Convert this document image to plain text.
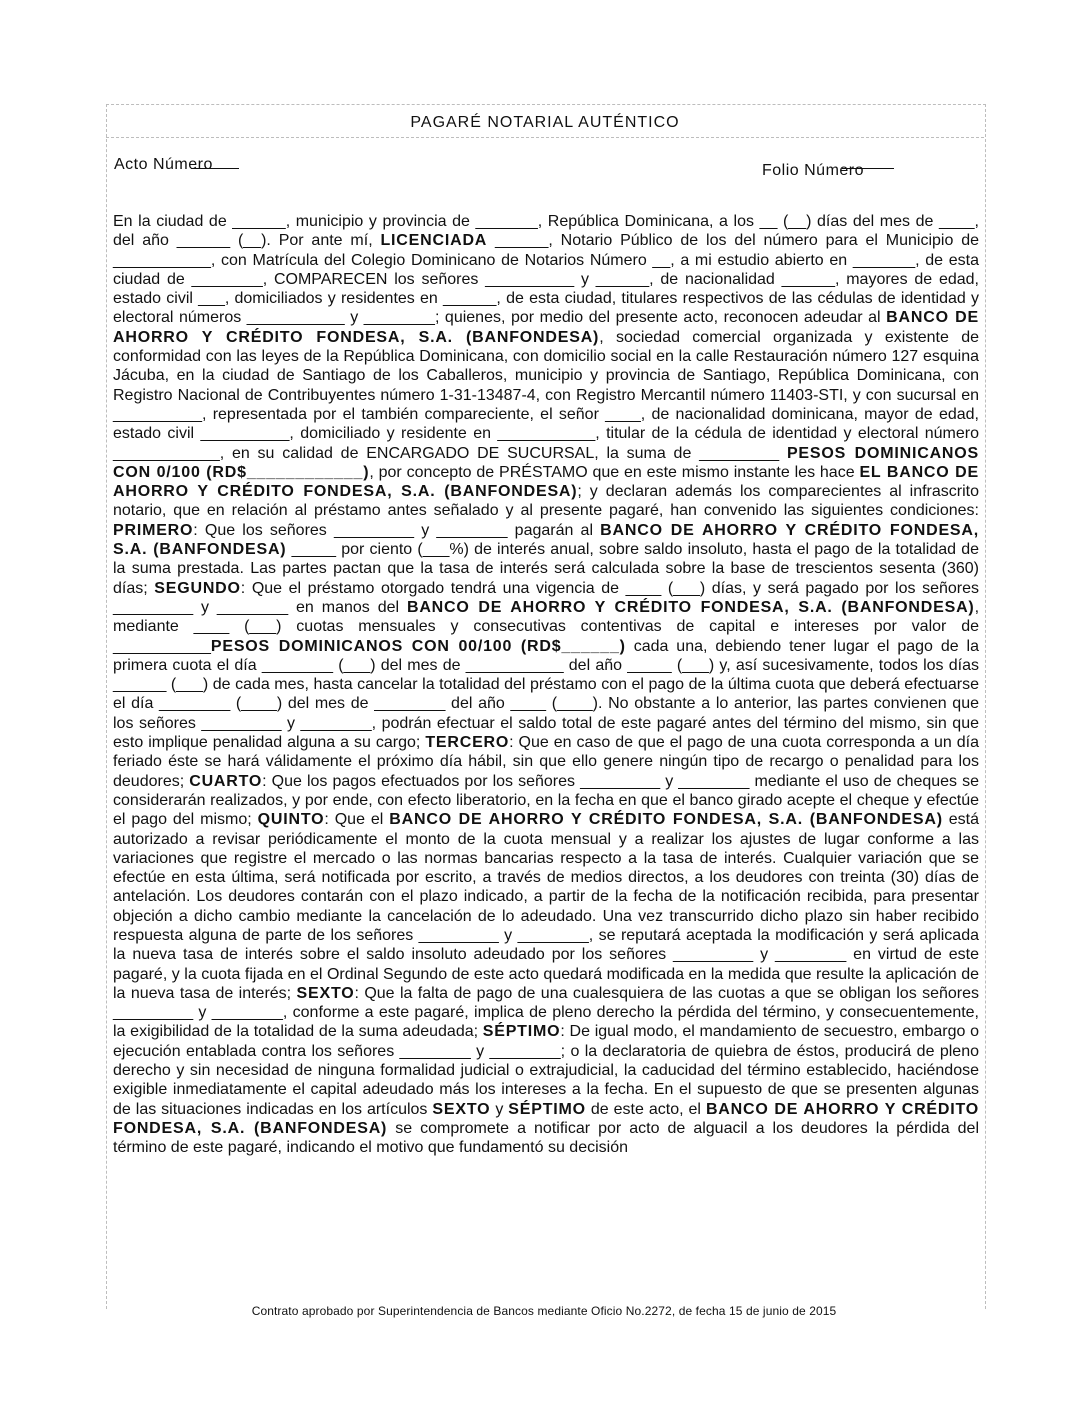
PAGARÉ NOTARIAL AUTÉNTICO
Acto Número	Folio Número
En la ciudad de ______, municipio y provincia de _______, República Dominicana, a los __ (__) días del mes de ____, del año ______ (__). Por ante mí, LICENCIADA ______, Notario Público de los del número para el Municipio de ___________, con Matrícula del Colegio Dominicano de Notarios Número __, a mi estudio abierto en _______, de esta ciudad de ________, COMPARECEN los señores __________ y ______, de nacionalidad ______, mayores de edad, estado civil ___, domiciliados y residentes en ______, de esta ciudad, titulares respectivos de las cédulas de identidad y electoral números ___________ y ________; quienes, por medio del presente acto, reconocen adeudar al BANCO DE AHORRO Y CRÉDITO FONDESA, S.A. (BANFONDESA), sociedad comercial organizada y existente de conformidad con las leyes de la República Dominicana, con domicilio social en la calle Restauración número 127 esquina Jácuba, en la ciudad de Santiago de los Caballeros, municipio y provincia de Santiago, República Dominicana, con Registro Nacional de Contribuyentes número 1-31-13487-4, con Registro Mercantil número 11403-STI, y con sucursal en __________, representada por el también compareciente, el señor ____, de nacionalidad dominicana, mayor de edad, estado civil __________, domiciliado y residente en ___________, titular de la cédula de identidad y electoral número ____________, en su calidad de ENCARGADO DE SUCURSAL, la suma de _________ PESOS DOMINICANOS CON 0/100 (RD$____________), por concepto de PRÉSTAMO que en este mismo instante les hace EL BANCO DE AHORRO Y CRÉDITO FONDESA, S.A. (BANFONDESA); y declaran además los comparecientes al infrascrito notario, que en relación al préstamo antes señalado y al presente pagaré, han convenido las siguientes condiciones: PRIMERO: Que los señores _________ y ________ pagarán al BANCO DE AHORRO Y CRÉDITO FONDESA, S.A. (BANFONDESA) _____ por ciento (___%) de interés anual, sobre saldo insoluto, hasta el pago de la totalidad de la suma prestada. Las partes pactan que la tasa de interés será calculada sobre la base de trescientos sesenta (360) días; SEGUNDO: Que el préstamo otorgado tendrá una vigencia de ____ (___) días, y será pagado por los señores _________ y ________ en manos del BANCO DE AHORRO Y CRÉDITO FONDESA, S.A. (BANFONDESA), mediante ____ (___) cuotas mensuales y consecutivas contentivas de capital e intereses por valor de ___________PESOS DOMINICANOS CON 00/100 (RD$______) cada una, debiendo tener lugar el pago de la primera cuota el día ________ (___) del mes de ___________ del año _____ (___) y, así sucesivamente, todos los días ______ (___) de cada mes, hasta cancelar la totalidad del préstamo con el pago de la última cuota que deberá efectuarse el día ________ (____) del mes de ________ del año ____ (____). No obstante a lo anterior, las partes convienen que los señores _________ y ________, podrán efectuar el saldo total de este pagaré antes del término del mismo, sin que esto implique penalidad alguna a su cargo; TERCERO: Que en caso de que el pago de una cuota corresponda a un día feriado éste se hará válidamente el próximo día hábil, sin que ello genere ningún tipo de recargo o penalidad para los deudores; CUARTO: Que los pagos efectuados por los señores _________ y ________ mediante el uso de cheques se considerarán realizados, y por ende, con efecto liberatorio, en la fecha en que el banco girado acepte el cheque y efectúe el pago del mismo; QUINTO: Que el BANCO DE AHORRO Y CRÉDITO FONDESA, S.A. (BANFONDESA) está autorizado a revisar periódicamente el monto de la cuota mensual y a realizar los ajustes de lugar conforme a las variaciones que registre el mercado o las normas bancarias respecto a la tasa de interés. Cualquier variación que se efectúe en esta última, será notificada por escrito, a través de medios directos, a los deudores con treinta (30) días de antelación. Los deudores contarán con el plazo indicado, a partir de la fecha de la notificación recibida, para presentar objeción a dicho cambio mediante la cancelación de lo adeudado. Una vez transcurrido dicho plazo sin haber recibido respuesta alguna de parte de los señores _________ y ________, se reputará aceptada la modificación y será aplicada la nueva tasa de interés sobre el saldo insoluto adeudado por los señores _________ y ________ en virtud de este pagaré, y la cuota fijada en el Ordinal Segundo de este acto quedará modificada en la medida que resulte la aplicación de la nueva tasa de interés; SEXTO: Que la falta de pago de una cualesquiera de las cuotas a que se obligan los señores _________ y ________, conforme a este pagaré, implica de pleno derecho la pérdida del término, y consecuentemente, la exigibilidad de la totalidad de la suma adeudada; SÉPTIMO: De igual modo, el mandamiento de secuestro, embargo o ejecución entablada contra los señores ________ y ________; o la declaratoria de quiebra de éstos, producirá de pleno derecho y sin necesidad de ninguna formalidad judicial o extrajudicial, la caducidad del término establecido, haciéndose exigible inmediatamente el capital adeudado más los intereses a la fecha. En el supuesto de que se presenten algunas de las situaciones indicadas en los artículos SEXTO y SÉPTIMO de este acto, el BANCO DE AHORRO Y CRÉDITO FONDESA, S.A. (BANFONDESA) se compromete a notificar por acto de alguacil a los deudores la pérdida del término de este pagaré, indicando el motivo que fundamentó su decisión
Contrato aprobado por Superintendencia de Bancos mediante Oficio No.2272, de fecha 15 de junio de 2015
